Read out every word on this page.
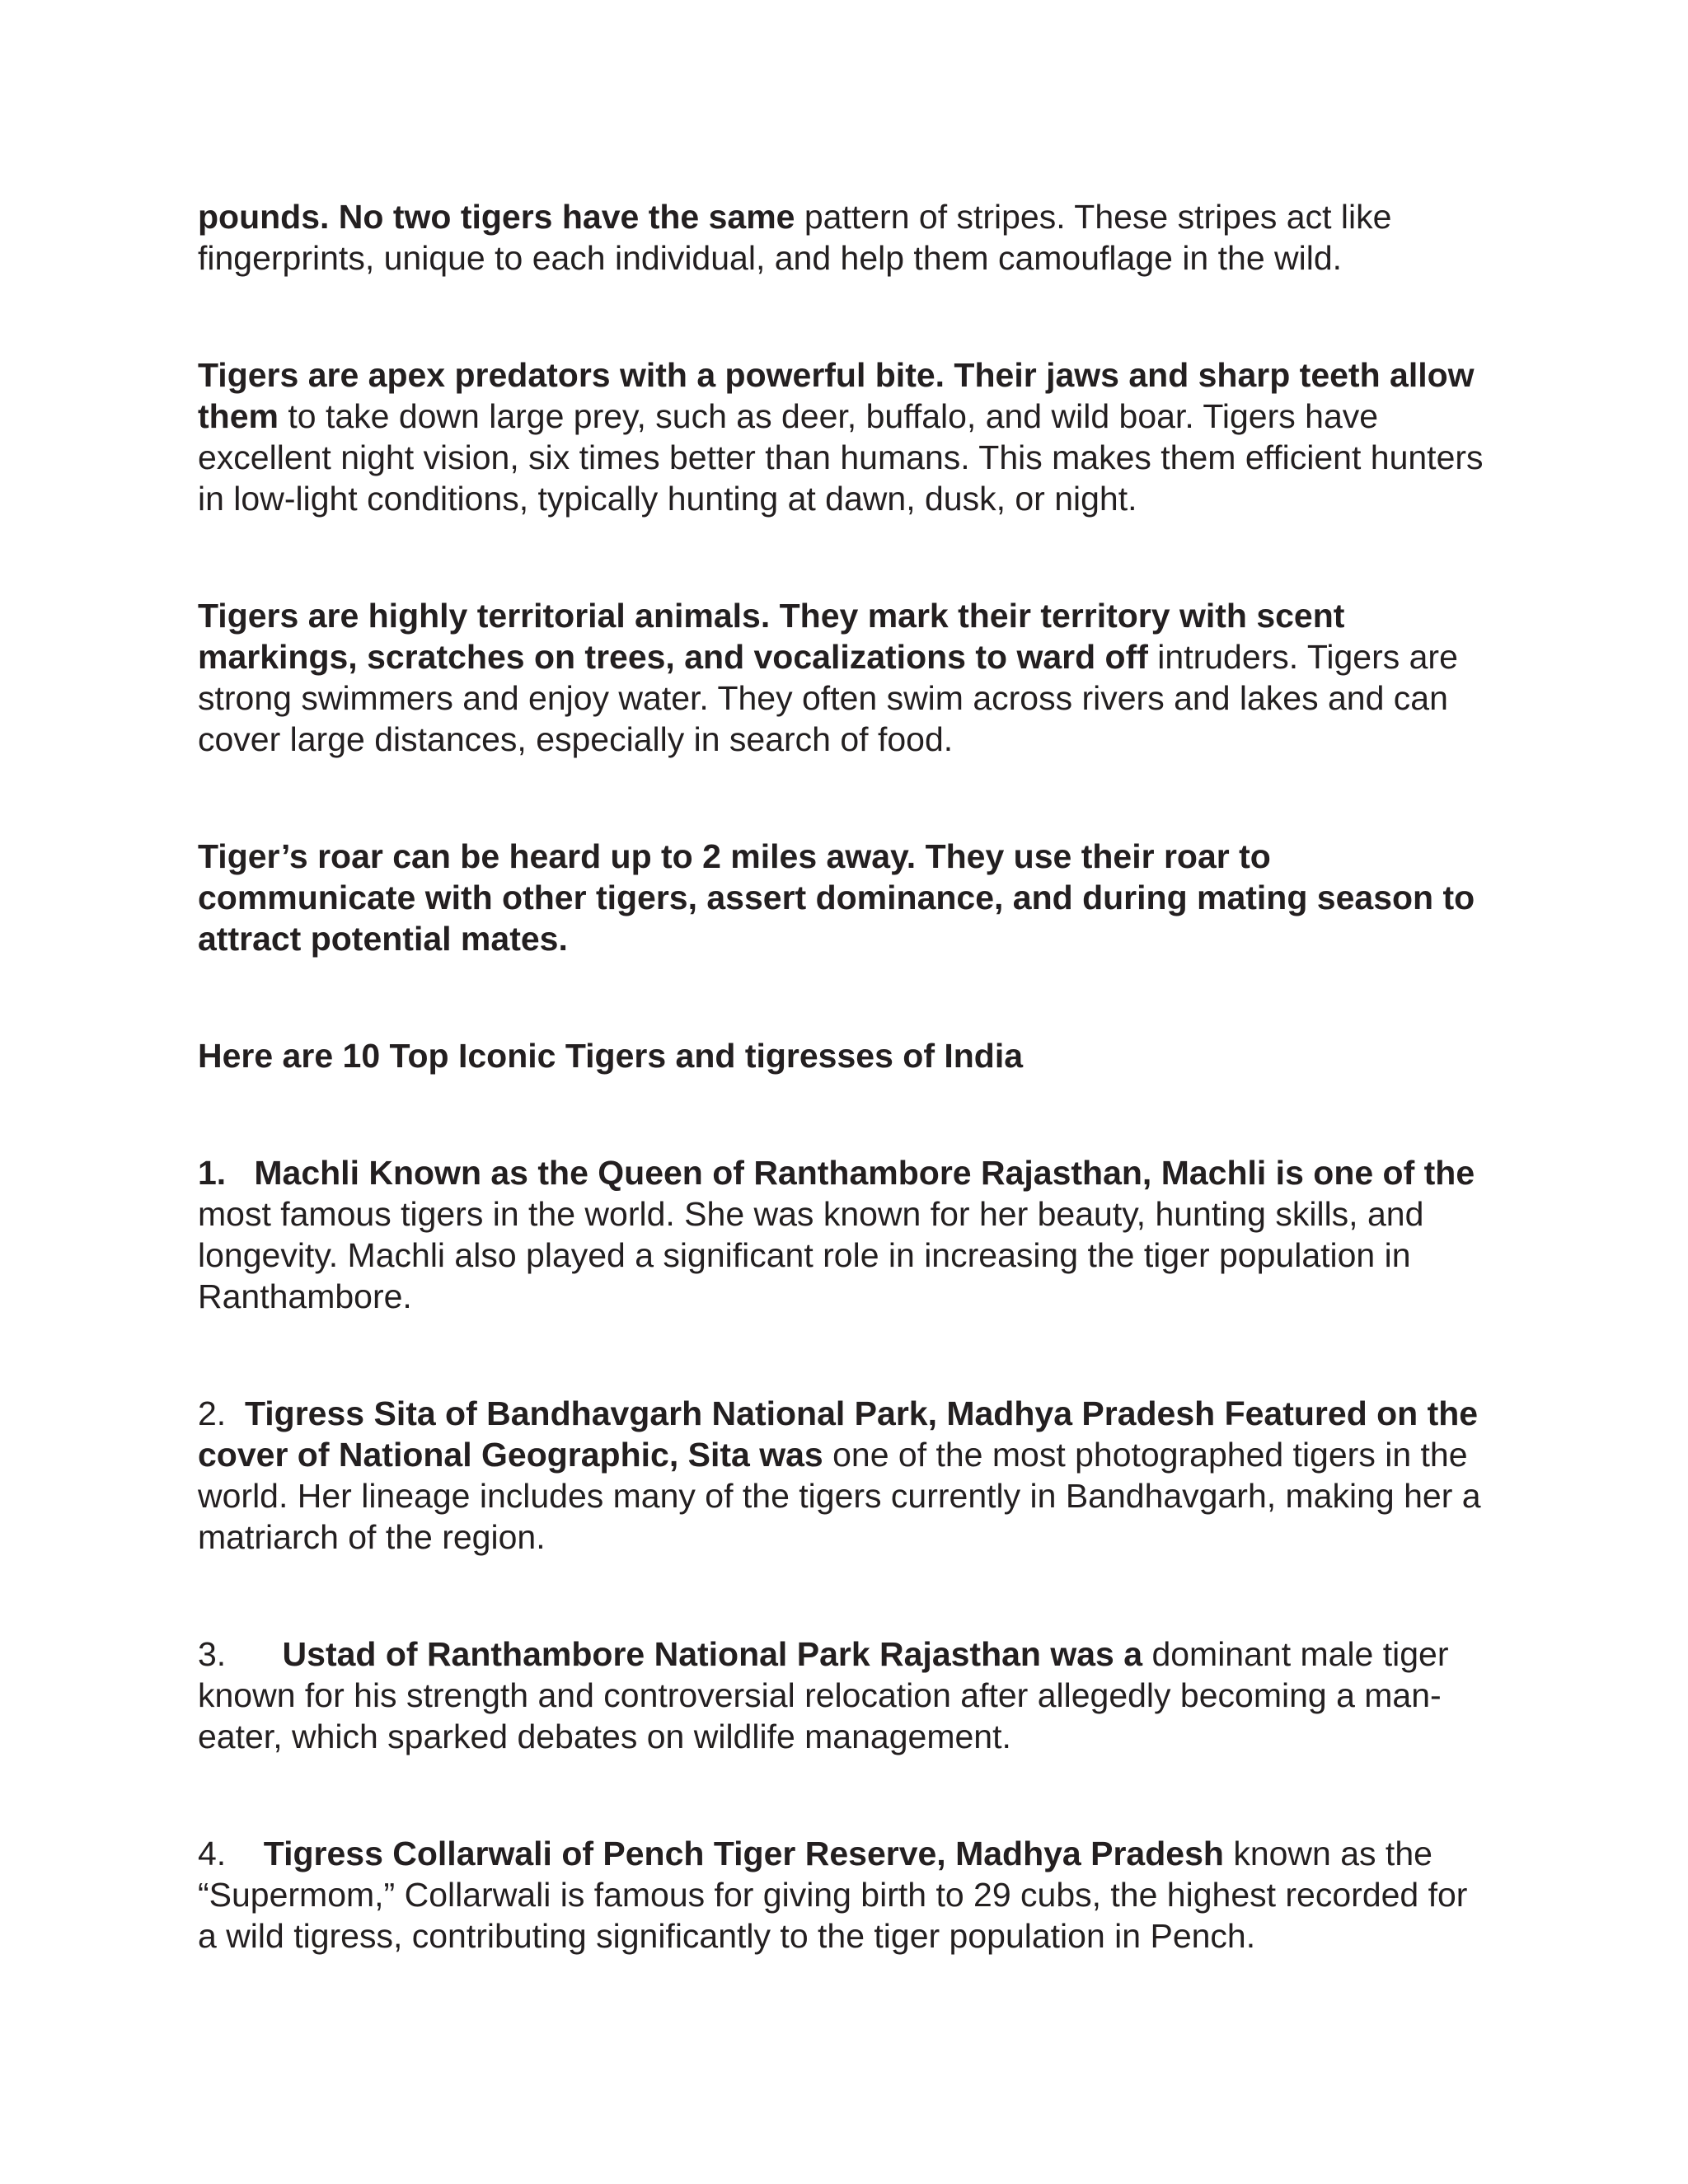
pounds. No two tigers have the same pattern of stripes. These stripes act like fingerprints, unique to each individual, and help them camouflage in the wild.

Tigers are apex predators with a powerful bite. Their jaws and sharp teeth allow them to take down large prey, such as deer, buffalo, and wild boar. Tigers have excellent night vision, six times better than humans. This makes them efficient hunters in low-light conditions, typically hunting at dawn, dusk, or night.

Tigers are highly territorial animals. They mark their territory with scent markings, scratches on trees, and vocalizations to ward off intruders. Tigers are strong swimmers and enjoy water. They often swim across rivers and lakes and can cover large distances, especially in search of food.

Tiger’s roar can be heard up to 2 miles away. They use their roar to communicate with other tigers, assert dominance, and during mating season to attract potential mates.

Here are 10 Top Iconic Tigers and tigresses of India

1.   Machli Known as the Queen of Ranthambore Rajasthan, Machli is one of the most famous tigers in the world. She was known for her beauty, hunting skills, and longevity. Machli also played a significant role in increasing the tiger population in Ranthambore.

2.  Tigress Sita of Bandhavgarh National Park, Madhya Pradesh Featured on the cover of National Geographic, Sita was one of the most photographed tigers in the world. Her lineage includes many of the tigers currently in Bandhavgarh, making her a matriarch of the region.

3.      Ustad of Ranthambore National Park Rajasthan was a dominant male tiger known for his strength and controversial relocation after allegedly becoming a man-eater, which sparked debates on wildlife management.

4.    Tigress Collarwali of Pench Tiger Reserve, Madhya Pradesh known as the “Supermom,” Collarwali is famous for giving birth to 29 cubs, the highest recorded for a wild tigress, contributing significantly to the tiger population in Pench.
